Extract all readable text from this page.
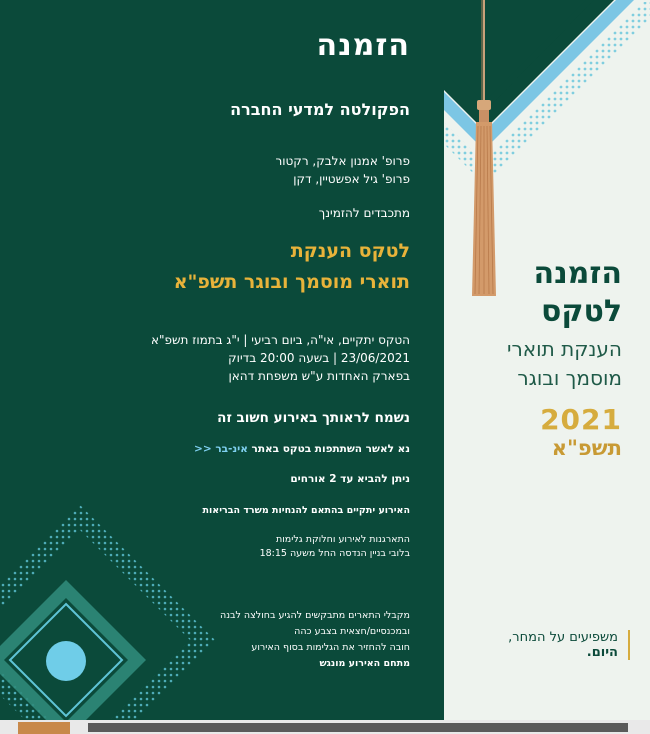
הזמנה
הפקולטה למדעי החברה
פרופ' אמנון אלבק, רקטור
פרופ' גיל אפשטיין, דקן
מתכבדים להזמינך
לטקס הענקת
תוארי מוסמך ובוגר תשפ"א
הטקס יתקיים, אי"ה, ביום רביעי | י"ג בתמוז תשפ"א
23/06/2021 | בשעה 20:00 בדיוק
בפארק האחדות ע"ש משפחת דהאן
נשמח לראותך באירוע חשוב זה
נא לאשר השתתפות בטקס באתר אינ-בר <<
ניתן להביא עד 2 אורחים
האירוע יתקיים בהתאם להנחיות משרד הבריאות
התארגנות לאירוע וחלוקת גלימות
בלובי בניין הנדסה החל משעה 18:15
מקבלי התארים מתבקשים להגיע בחולצה לבנה
ובמכנסיים/חצאית בצבע כהה
חובה להחזיר את הגלימות בסוף האירוע
מתחם האירוע מונגש
הזמנה
לטקס
הענקת תוארי
מוסמך ובוגר
2021
תשפ"א
משפיעים על המחר,
היום.
